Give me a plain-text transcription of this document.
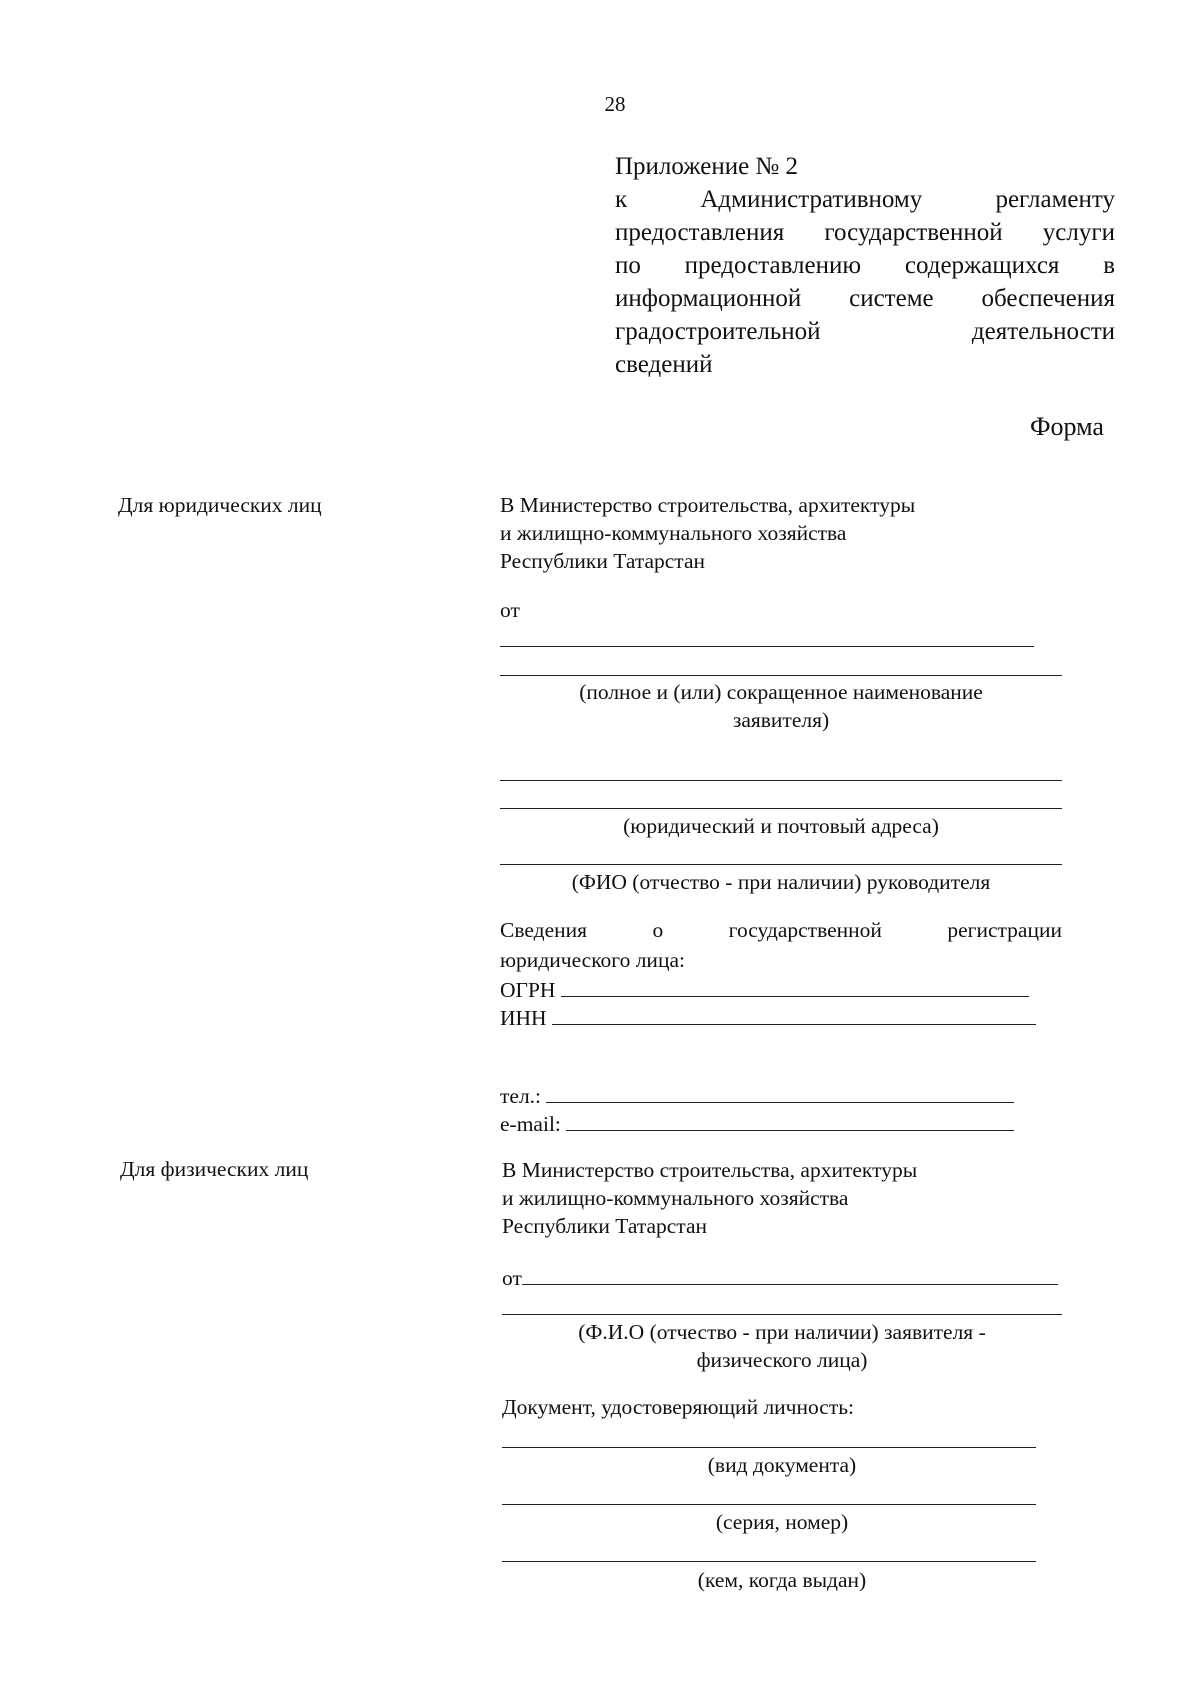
28
Приложение № 2
к Административному регламенту
предоставления государственной услуги
по предоставлению содержащихся в
информационной системе обеспечения
градостроительной деятельности
сведений
Форма
Для юридических лиц	В Министерство строительства, архитектуры
и жилищно-коммунального хозяйства
Республики Татарстан
от
(полное и (или) сокращенное наименование
заявителя)
(юридический и почтовый адреса)
(ФИО (отчество - при наличии) руководителя
Сведения	о	государственной	регистрации
юридического лица:
ОГРН
ИНН
тел.:
e-mail:
Для физических лиц	В Министерство строительства, архитектуры
и жилищно-коммунального хозяйства
Республики Татарстан
от
(Ф.И.О (отчество - при наличии) заявителя -
физического лица)
Документ, удостоверяющий личность:
(вид документа)
(серия, номер)
(кем, когда выдан)
